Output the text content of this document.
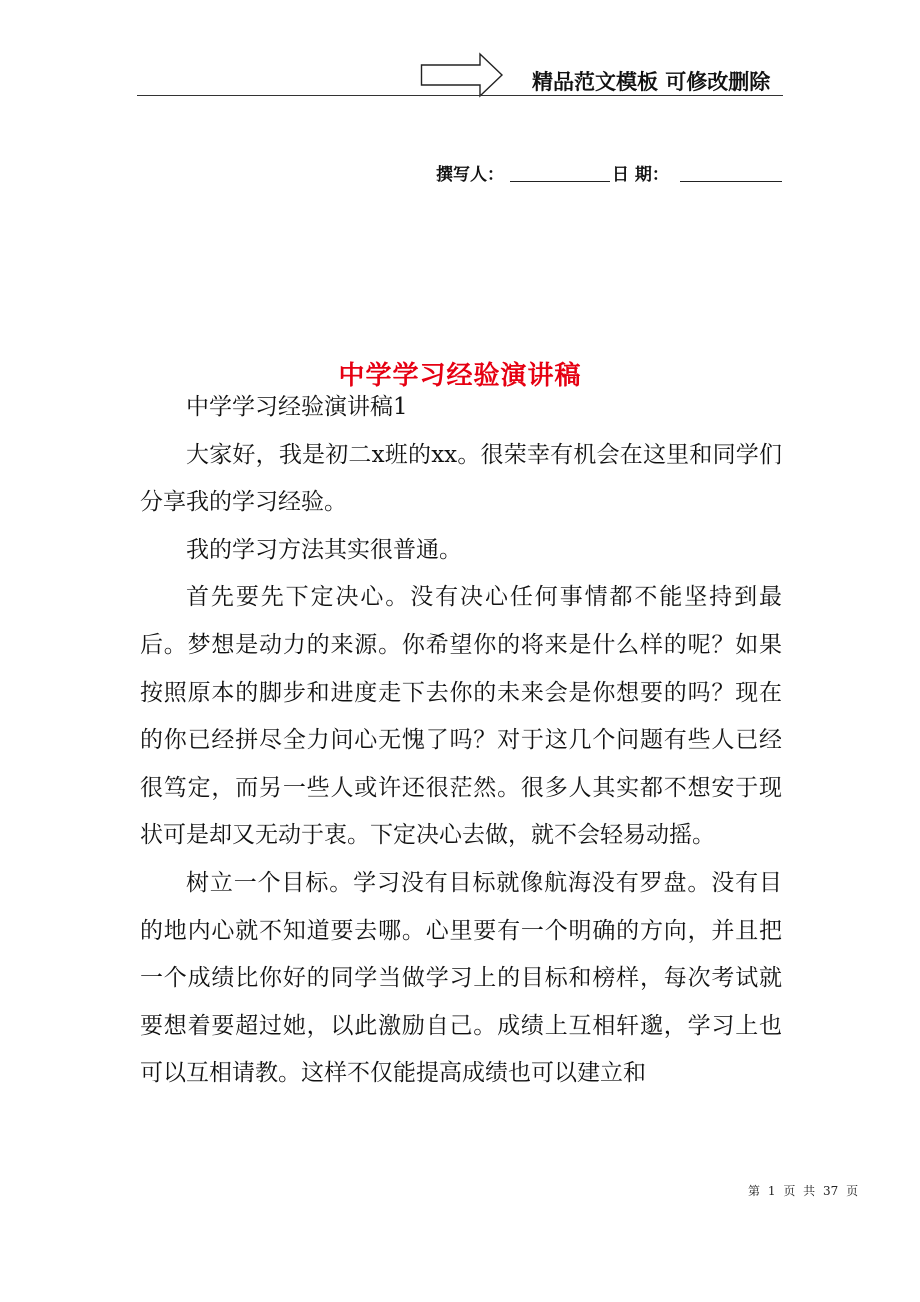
精品范文模板 可修改删除
撰写人：	日 期：
中学学习经验演讲稿

中学学习经验演讲稿1

大家好，我是初二x班的xx。很荣幸有机会在这里和同学们分享我的学习经验。

我的学习方法其实很普通。

首先要先下定决心。没有决心任何事情都不能坚持到最后。梦想是动力的来源。你希望你的将来是什么样的呢？如果按照原本的脚步和进度走下去你的未来会是你想要的吗？现在的你已经拼尽全力问心无愧了吗？对于这几个问题有些人已经很笃定，而另一些人或许还很茫然。很多人其实都不想安于现状可是却又无动于衷。下定决心去做，就不会轻易动摇。

树立一个目标。学习没有目标就像航海没有罗盘。没有目的地内心就不知道要去哪。心里要有一个明确的方向，并且把一个成绩比你好的同学当做学习上的目标和榜样，每次考试就要想着要超过她，以此激励自己。成绩上互相轩邈，学习上也可以互相请教。这样不仅能提高成绩也可以建立和

第 1 页 共 37 页
